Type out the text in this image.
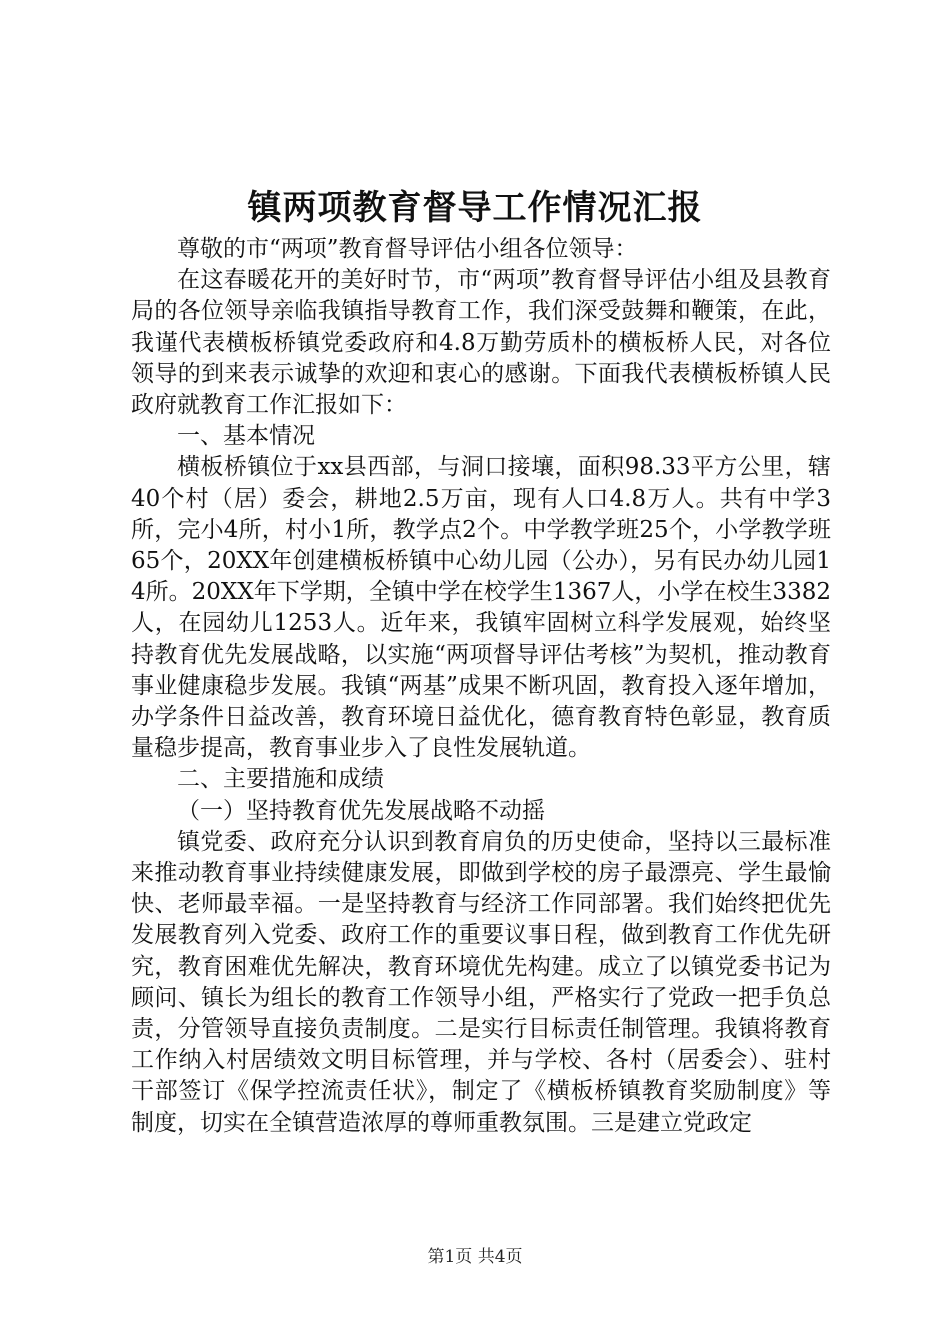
镇两项教育督导工作情况汇报

尊敬的市“两项”教育督导评估小组各位领导：

在这春暖花开的美好时节，市“两项”教育督导评估小组及县教育局的各位领导亲临我镇指导教育工作，我们深受鼓舞和鞭策，在此，我谨代表横板桥镇党委政府和4.8万勤劳质朴的横板桥人民，对各位领导的到来表示诚挚的欢迎和衷心的感谢。下面我代表横板桥镇人民政府就教育工作汇报如下：

一、基本情况

横板桥镇位于xx县西部，与洞口接壤，面积98.33平方公里，辖40个村（居）委会，耕地2.5万亩，现有人口4.8万人。共有中学3所，完小4所，村小1所，教学点2个。中学教学班25个，小学教学班65个，20XX年创建横板桥镇中心幼儿园（公办），另有民办幼儿园14所。20XX年下学期，全镇中学在校学生1367人，小学在校生3382人，在园幼儿1253人。近年来，我镇牢固树立科学发展观，始终坚持教育优先发展战略，以实施“两项督导评估考核”为契机，推动教育事业健康稳步发展。我镇“两基”成果不断巩固，教育投入逐年增加，办学条件日益改善，教育环境日益优化，德育教育特色彰显，教育质量稳步提高，教育事业步入了良性发展轨道。

二、主要措施和成绩

（一）坚持教育优先发展战略不动摇

镇党委、政府充分认识到教育肩负的历史使命，坚持以三最标准来推动教育事业持续健康发展，即做到学校的房子最漂亮、学生最愉快、老师最幸福。一是坚持教育与经济工作同部署。我们始终把优先发展教育列入党委、政府工作的重要议事日程，做到教育工作优先研究，教育困难优先解决，教育环境优先构建。成立了以镇党委书记为顾问、镇长为组长的教育工作领导小组，严格实行了党政一把手负总责，分管领导直接负责制度。二是实行目标责任制管理。我镇将教育工作纳入村居绩效文明目标管理，并与学校、各村（居委会）、驻村干部签订《保学控流责任状》，制定了《横板桥镇教育奖励制度》等制度，切实在全镇营造浓厚的尊师重教氛围。三是建立党政定

第1页 共4页
